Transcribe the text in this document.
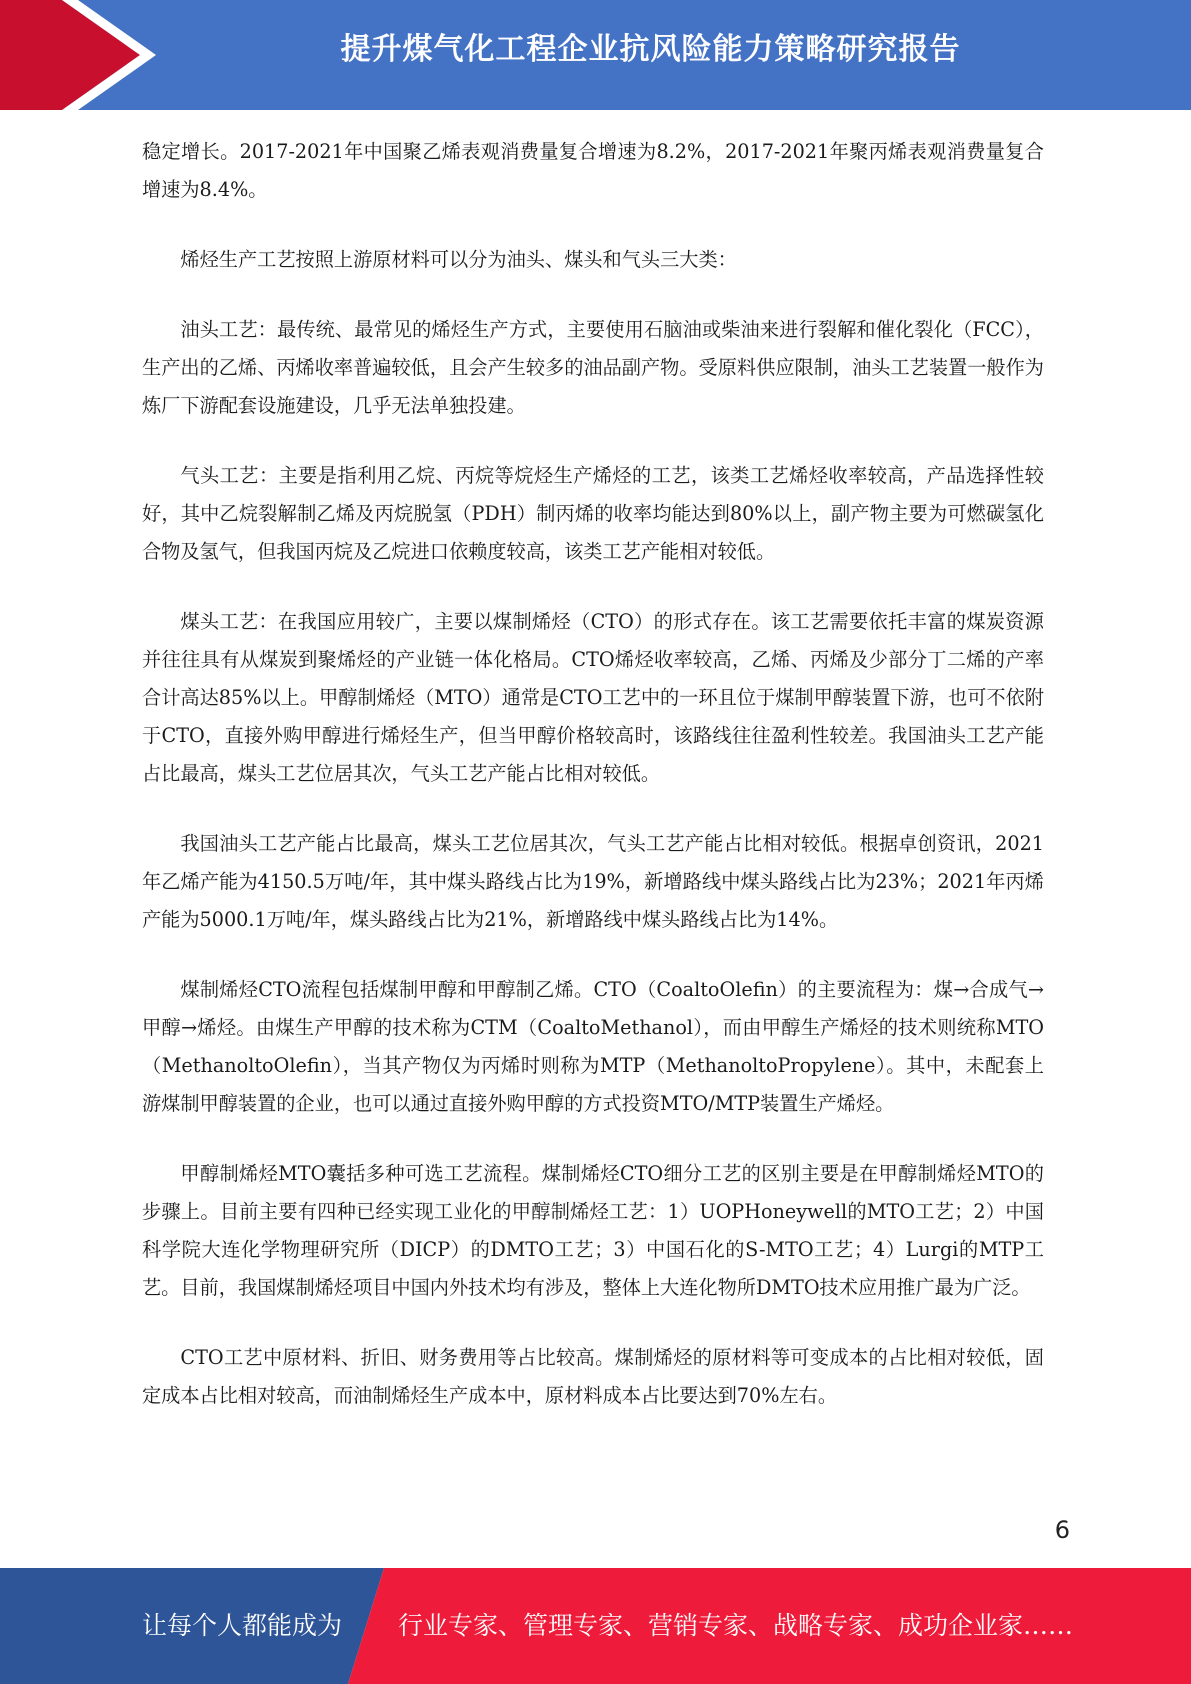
提升煤气化工程企业抗风险能力策略研究报告

稳定增长。2017-2021年中国聚乙烯表观消费量复合增速为8.2%，2017-2021年聚丙烯表观消费量复合增速为8.4%。

烯烃生产工艺按照上游原材料可以分为油头、煤头和气头三大类：

油头工艺：最传统、最常见的烯烃生产方式，主要使用石脑油或柴油来进行裂解和催化裂化（FCC），生产出的乙烯、丙烯收率普遍较低，且会产生较多的油品副产物。受原料供应限制，油头工艺装置一般作为炼厂下游配套设施建设，几乎无法单独投建。

气头工艺：主要是指利用乙烷、丙烷等烷烃生产烯烃的工艺，该类工艺烯烃收率较高，产品选择性较好，其中乙烷裂解制乙烯及丙烷脱氢（PDH）制丙烯的收率均能达到80%以上，副产物主要为可燃碳氢化合物及氢气，但我国丙烷及乙烷进口依赖度较高，该类工艺产能相对较低。

煤头工艺：在我国应用较广，主要以煤制烯烃（CTO）的形式存在。该工艺需要依托丰富的煤炭资源并往往具有从煤炭到聚烯烃的产业链一体化格局。CTO烯烃收率较高，乙烯、丙烯及少部分丁二烯的产率合计高达85%以上。甲醇制烯烃（MTO）通常是CTO工艺中的一环且位于煤制甲醇装置下游，也可不依附于CTO，直接外购甲醇进行烯烃生产，但当甲醇价格较高时，该路线往往盈利性较差。我国油头工艺产能占比最高，煤头工艺位居其次，气头工艺产能占比相对较低。

我国油头工艺产能占比最高，煤头工艺位居其次，气头工艺产能占比相对较低。根据卓创资讯，2021年乙烯产能为4150.5万吨/年，其中煤头路线占比为19%，新增路线中煤头路线占比为23%；2021年丙烯产能为5000.1万吨/年，煤头路线占比为21%，新增路线中煤头路线占比为14%。

煤制烯烃CTO流程包括煤制甲醇和甲醇制乙烯。CTO（CoaltoOlefin）的主要流程为：煤→合成气→甲醇→烯烃。由煤生产甲醇的技术称为CTM（CoaltoMethanol），而由甲醇生产烯烃的技术则统称MTO（MethanoltoOlefin），当其产物仅为丙烯时则称为MTP（MethanoltoPropylene）。其中，未配套上游煤制甲醇装置的企业，也可以通过直接外购甲醇的方式投资MTO/MTP装置生产烯烃。

甲醇制烯烃MTO囊括多种可选工艺流程。煤制烯烃CTO细分工艺的区别主要是在甲醇制烯烃MTO的步骤上。目前主要有四种已经实现工业化的甲醇制烯烃工艺：1）UOPHoneywell的MTO工艺；2）中国科学院大连化学物理研究所（DICP）的DMTO工艺；3）中国石化的S-MTO工艺；4）Lurgi的MTP工艺。目前，我国煤制烯烃项目中国内外技术均有涉及，整体上大连化物所DMTO技术应用推广最为广泛。

CTO工艺中原材料、折旧、财务费用等占比较高。煤制烯烃的原材料等可变成本的占比相对较低，固定成本占比相对较高，而油制烯烃生产成本中，原材料成本占比要达到70%左右。

6
让每个人都能成为 行业专家、管理专家、营销专家、战略专家、成功企业家……
